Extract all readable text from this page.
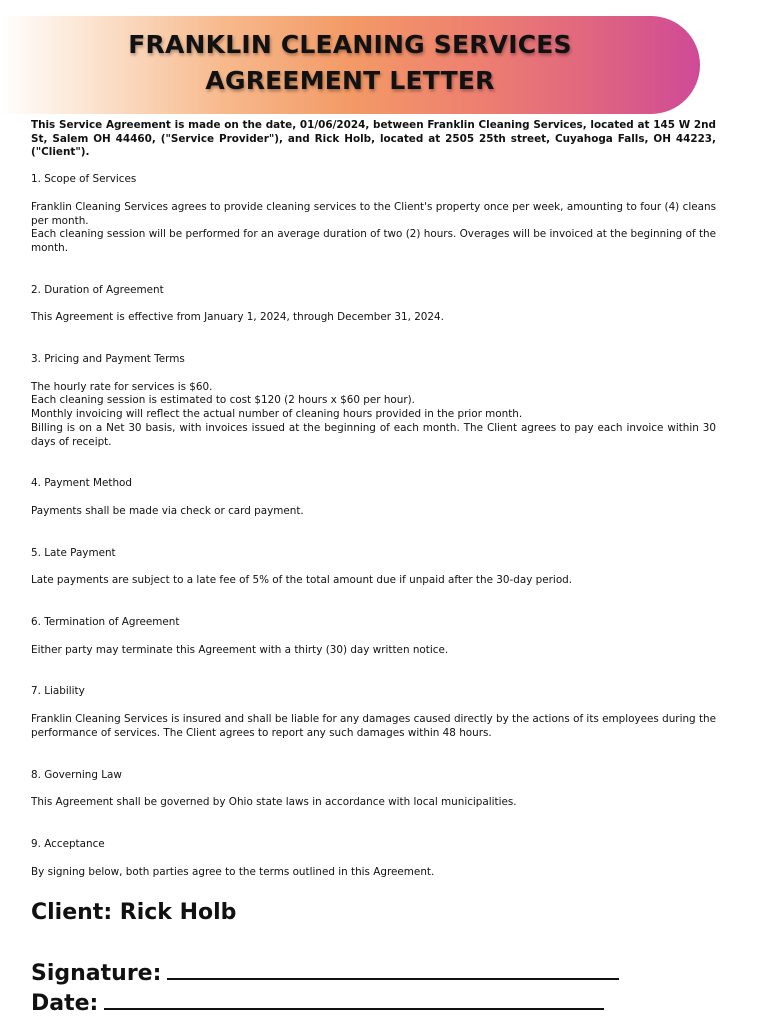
FRANKLIN CLEANING SERVICES
AGREEMENT LETTER

This Service Agreement is made on the date, 01/06/2024, between Franklin Cleaning Services, located at 145 W 2nd St, Salem OH 44460, ("Service Provider"), and Rick Holb, located at 2505 25th street, Cuyahoga Falls, OH 44223, ("Client").

1. Scope of Services

Franklin Cleaning Services agrees to provide cleaning services to the Client's property once per week, amounting to four (4) cleans per month.

Each cleaning session will be performed for an average duration of two (2) hours. Overages will be invoiced at the beginning of the month.

2. Duration of Agreement

This Agreement is effective from January 1, 2024, through December 31, 2024.

3. Pricing and Payment Terms

The hourly rate for services is $60.

Each cleaning session is estimated to cost $120 (2 hours x $60 per hour).

Monthly invoicing will reflect the actual number of cleaning hours provided in the prior month.

Billing is on a Net 30 basis, with invoices issued at the beginning of each month. The Client agrees to pay each invoice within 30 days of receipt.

4. Payment Method

Payments shall be made via check or card payment.

5. Late Payment

Late payments are subject to a late fee of 5% of the total amount due if unpaid after the 30-day period.

6. Termination of Agreement

Either party may terminate this Agreement with a thirty (30) day written notice.

7. Liability

Franklin Cleaning Services is insured and shall be liable for any damages caused directly by the actions of its employees during the performance of services. The Client agrees to report any such damages within 48 hours.

8. Governing Law

This Agreement shall be governed by Ohio state laws in accordance with local municipalities.

9. Acceptance

By signing below, both parties agree to the terms outlined in this Agreement.

Client: Rick Holb
Signature:
Date:
